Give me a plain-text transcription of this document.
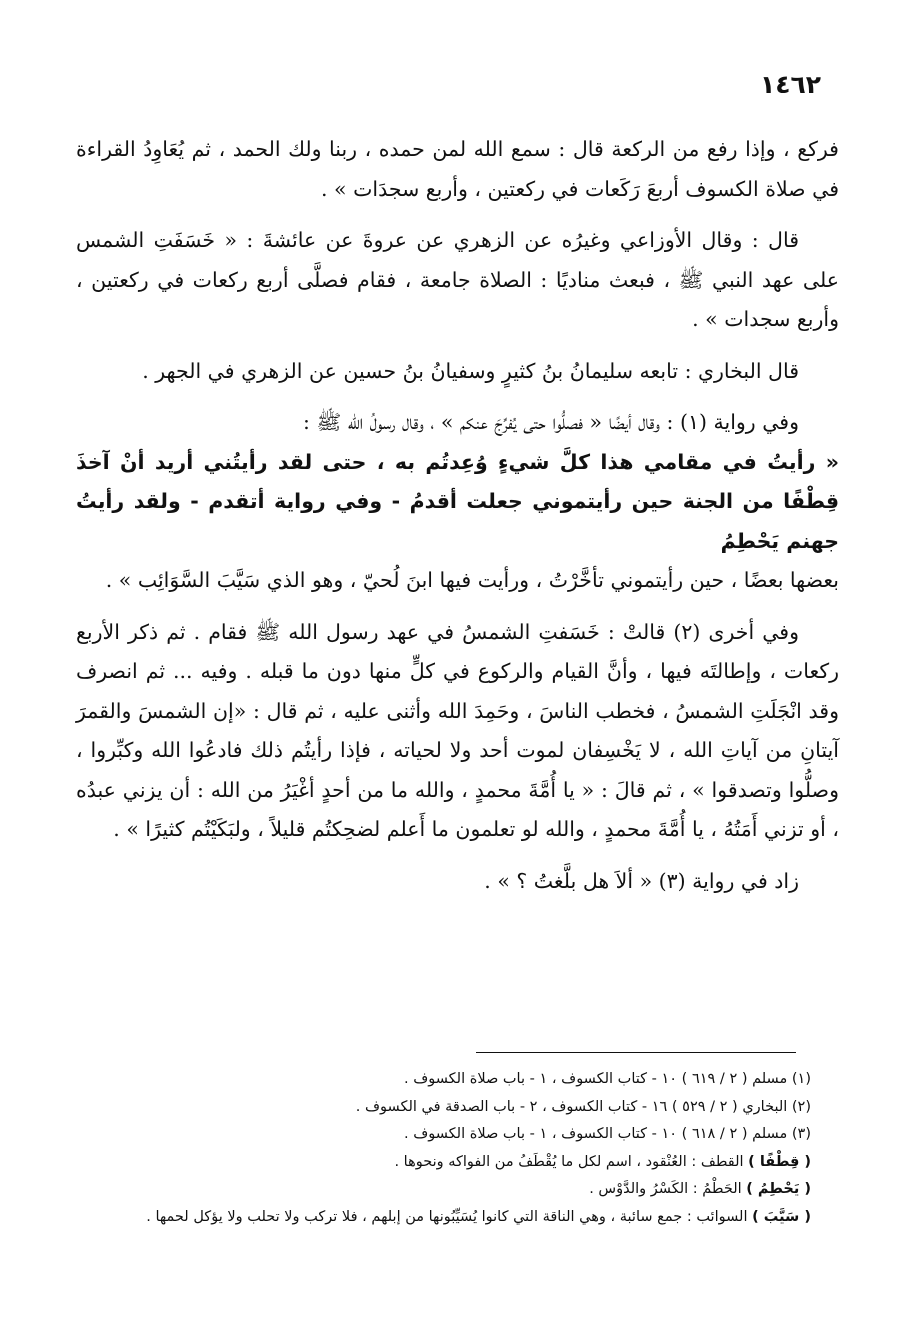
١٤٦٢

فركع ، وإذا رفع من الركعة قال : سمع الله لمن حمده ، ربنا ولك الحمد ، ثم يُعَاوِدُ القراءة في صلاة الكسوف أربعَ رَكَعات في ركعتين ، وأربع سجدَات » .

قال : وقال الأوزاعي وغيرُه عن الزهري عن عروةَ عن عائشةَ : « خَسَفَتِ الشمس على عهد النبي ﷺ ، فبعث مناديًا : الصلاة جامعة ، فقام فصلَّى أربع ركعات في ركعتين ، وأربع سجدات » .

قال البخاري : تابعه سليمانُ بنُ كثيرٍ وسفيانُ بنُ حسين عن الزهري في الجهر .

وفي رواية (١) : وقال أيضًا « فصلُّوا حتى يُفرِّجَ عنكم » ، وقال رسولُ الله ﷺ :

« رأيتُ في مقامي هذا كلَّ شيءٍ وُعِدتُم به ، حتى لقد رأيتُني أريد أنْ آخذَ قِطْفًا من الجنة حين رأيتموني جعلت أقدمُ - وفي رواية أتقدم - ولقد رأيتُ جهنم يَحْطِمُ

بعضها بعضًا ، حين رأيتموني تأخَّرْتُ ، ورأيت فيها ابنَ لُحيّ ، وهو الذي سَيَّبَ السَّوَائِب » .

وفي أخرى (٢) قالتْ : خَسَفتِ الشمسُ في عهد رسول الله ﷺ فقام . ثم ذكر الأربع ركعات ، وإطالتَه فيها ، وأنَّ القيام والركوع في كلٍّ منها دون ما قبله . وفيه ... ثم انصرف وقد انْجَلَتِ الشمسُ ، فخطب الناسَ ، وحَمِدَ الله وأثنى عليه ، ثم قال : «إن الشمسَ والقمرَ آيتانِ من آياتِ الله ، لا يَخْسِفان لموت أحد ولا لحياته ، فإذا رأيتُم ذلك فادعُوا الله وكبِّروا ، وصلُّوا وتصدقوا » ، ثم قالَ : « يا أُمَّةَ محمدٍ ، والله ما من أحدٍ أغْيَرُ من الله : أن يزني عبدُه ، أو تزني أَمَتُهُ ، يا أُمَّةَ محمدٍ ، والله لو تعلمون ما أَعلم لضحِكتُم قليلاً ، ولبَكَيْتُم كثيرًا » .

زاد في رواية (٣) « ألاَ هل بلَّغتُ ؟ » .

(١) مسلم ( ٢ / ٦١٩ ) ١٠ - كتاب الكسوف ، ١ - باب صلاة الكسوف .
(٢) البخاري ( ٢ / ٥٢٩ ) ١٦ - كتاب الكسوف ، ٢ - باب الصدقة في الكسوف .
(٣) مسلم ( ٢ / ٦١٨ ) ١٠ - كتاب الكسوف ، ١ - باب صلاة الكسوف .
( قِطْفًا ) القطف : العُنْقود ، اسم لكل ما يُقْطَفُ من الفواكه ونحوها .
( يَحْطِمُ ) الحَطْمُ : الكَسْرُ والدَّوْس .
( سَيَّبَ ) السوائب : جمع سائبة ، وهي الناقة التي كانوا يُسَيِّبُونها من إبلهم ، فلا تركب ولا تحلب ولا يؤكل لحمها .
